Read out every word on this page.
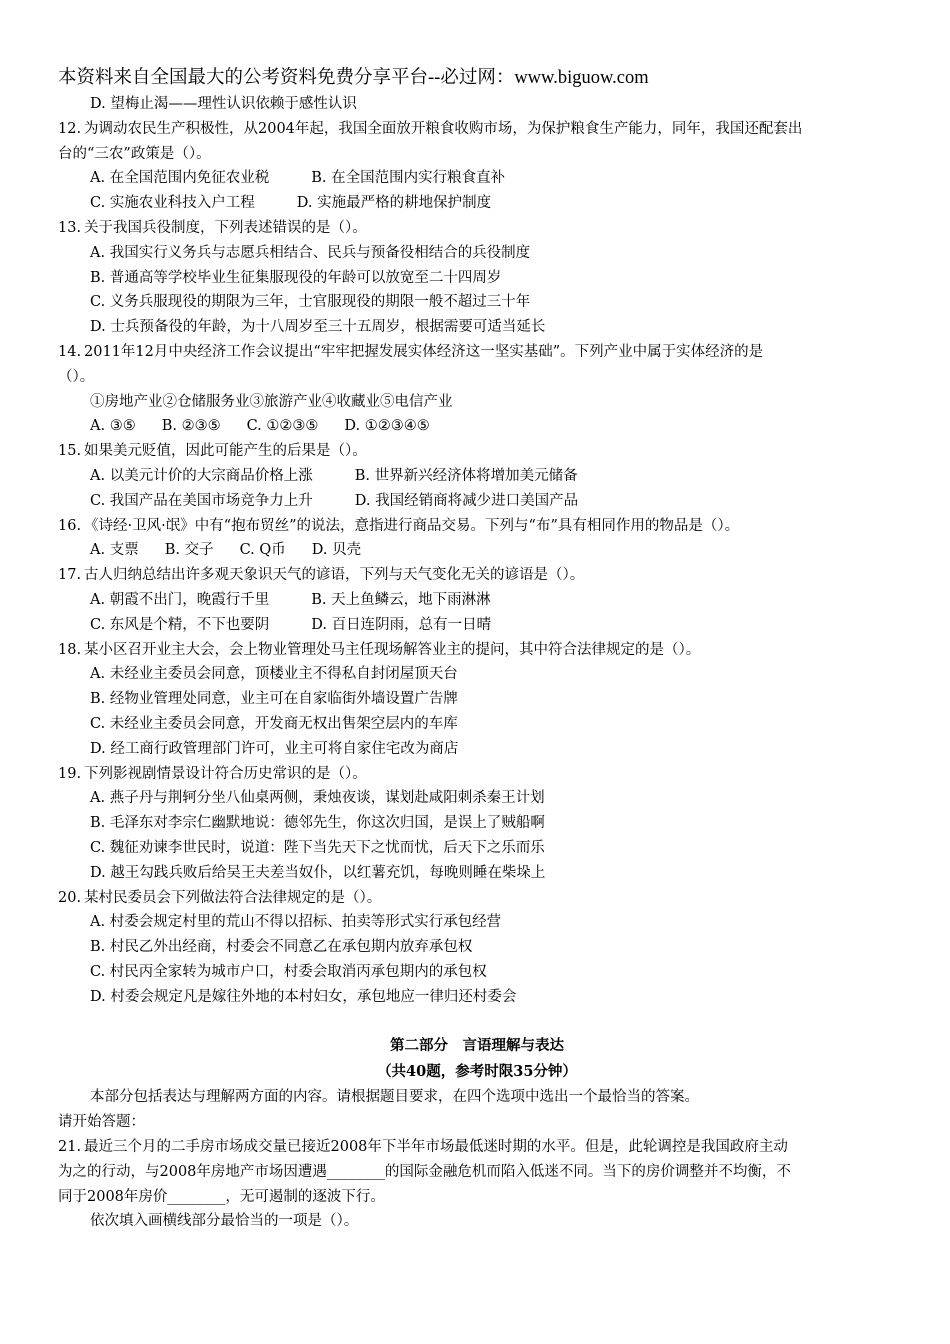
本资料来自全国最大的公考资料免费分享平台--必过网：www.biguow.com
D. 望梅止渴——理性认识依赖于感性认识
12. 为调动农民生产积极性，从2004年起，我国全面放开粮食收购市场，为保护粮食生产能力，同年，我国还配套出
台的“三农”政策是（）。
A. 在全国范围内免征农业税	B. 在全国范围内实行粮食直补
C. 实施农业科技入户工程	D. 实施最严格的耕地保护制度
13. 关于我国兵役制度，下列表述错误的是（）。
A. 我国实行义务兵与志愿兵相结合、民兵与预备役相结合的兵役制度
B. 普通高等学校毕业生征集服现役的年龄可以放宽至二十四周岁
C. 义务兵服现役的期限为三年，士官服现役的期限一般不超过三十年
D. 士兵预备役的年龄，为十八周岁至三十五周岁，根据需要可适当延长
14. 2011年12月中央经济工作会议提出“牢牢把握发展实体经济这一坚实基础”。下列产业中属于实体经济的是
（）。
①房地产业②仓储服务业③旅游产业④收藏业⑤电信产业
A. ③⑤ B. ②③⑤ C. ①②③⑤ D. ①②③④⑤
15. 如果美元贬值，因此可能产生的后果是（）。
A. 以美元计价的大宗商品价格上涨	B. 世界新兴经济体将增加美元储备
C. 我国产品在美国市场竞争力上升	D. 我国经销商将减少进口美国产品
16. 《诗经·卫风·氓》中有“抱布贸丝”的说法，意指进行商品交易。下列与“布”具有相同作用的物品是（）。
A. 支票 B. 交子 C. Q币 D. 贝壳
17. 古人归纳总结出许多观天象识天气的谚语，下列与天气变化无关的谚语是（）。
A. 朝霞不出门，晚霞行千里	B. 天上鱼鳞云，地下雨淋淋
C. 东风是个精，不下也要阴	D. 百日连阴雨，总有一日晴
18. 某小区召开业主大会，会上物业管理处马主任现场解答业主的提问，其中符合法律规定的是（）。
A. 未经业主委员会同意，顶楼业主不得私自封闭屋顶天台
B. 经物业管理处同意，业主可在自家临街外墙设置广告牌
C. 未经业主委员会同意，开发商无权出售架空层内的车库
D. 经工商行政管理部门许可，业主可将自家住宅改为商店
19. 下列影视剧情景设计符合历史常识的是（）。
A. 燕子丹与荆轲分坐八仙桌两侧，秉烛夜谈，谋划赴咸阳刺杀秦王计划
B. 毛泽东对李宗仁幽默地说：德邻先生，你这次归国，是误上了贼船啊
C. 魏征劝谏李世民时，说道：陛下当先天下之忧而忧，后天下之乐而乐
D. 越王勾践兵败后给吴王夫差当奴仆，以红薯充饥，每晚则睡在柴垛上
20. 某村民委员会下列做法符合法律规定的是（）。
A. 村委会规定村里的荒山不得以招标、拍卖等形式实行承包经营
B. 村民乙外出经商，村委会不同意乙在承包期内放弃承包权
C. 村民丙全家转为城市户口，村委会取消丙承包期内的承包权
D. 村委会规定凡是嫁往外地的本村妇女，承包地应一律归还村委会
第二部分　言语理解与表达
（共40题，参考时限35分钟）
本部分包括表达与理解两方面的内容。请根据题目要求，在四个选项中选出一个最恰当的答案。
请开始答题：
21. 最近三个月的二手房市场成交量已接近2008年下半年市场最低迷时期的水平。但是，此轮调控是我国政府主动
为之的行动，与2008年房地产市场因遭遇________的国际金融危机而陷入低迷不同。当下的房价调整并不均衡，不
同于2008年房价________，无可遏制的逐波下行。
依次填入画横线部分最恰当的一项是（）。
